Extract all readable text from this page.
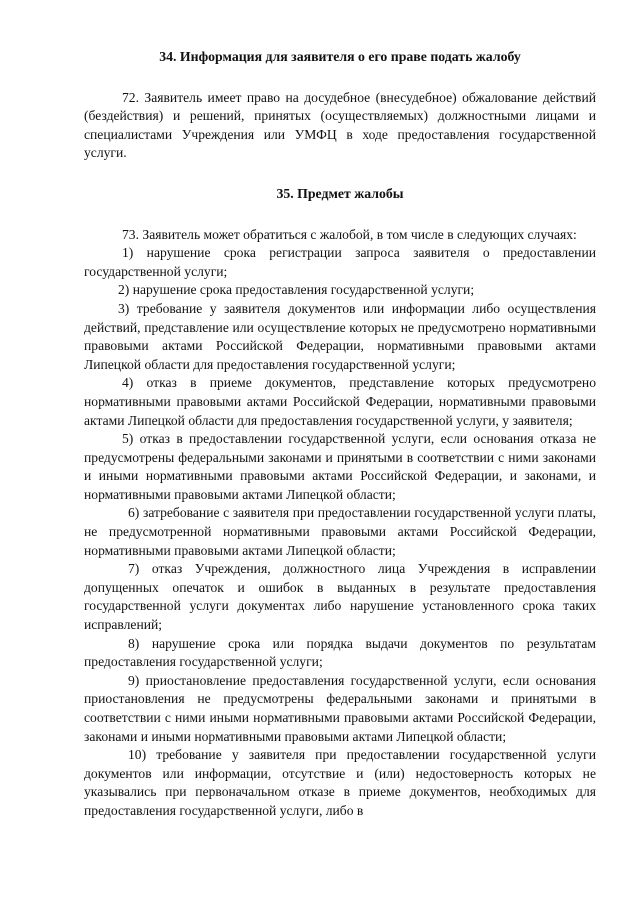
34. Информация для заявителя о его праве подать жалобу

72. Заявитель имеет право на досудебное (внесудебное) обжалование действий (бездействия) и решений, принятых (осуществляемых) должностными лицами и специалистами Учреждения или УМФЦ в ходе предоставления государственной услуги.

35. Предмет жалобы

73. Заявитель может обратиться с жалобой, в том числе в следующих случаях:

1) нарушение срока регистрации запроса заявителя о предоставлении государственной услуги;

2) нарушение срока предоставления государственной услуги;

3) требование у заявителя документов или информации либо осуществления действий, представление или осуществление которых не предусмотрено нормативными правовыми актами Российской Федерации, нормативными правовыми актами Липецкой области для предоставления государственной услуги;

4) отказ в приеме документов, представление которых предусмотрено нормативными правовыми актами Российской Федерации, нормативными правовыми актами Липецкой области для предоставления государственной услуги, у заявителя;

5) отказ в предоставлении государственной услуги, если основания отказа не предусмотрены федеральными законами и принятыми в соответствии с ними законами и иными нормативными правовыми актами Российской Федерации, и законами, и нормативными правовыми актами Липецкой области;

6) затребование с заявителя при предоставлении государственной услуги платы, не предусмотренной нормативными правовыми актами Российской Федерации, нормативными правовыми актами Липецкой области;

7) отказ Учреждения, должностного лица Учреждения в исправлении допущенных опечаток и ошибок в выданных в результате предоставления государственной услуги документах либо нарушение установленного срока таких исправлений;

8) нарушение срока или порядка выдачи документов по результатам предоставления государственной услуги;

9) приостановление предоставления государственной услуги, если основания приостановления не предусмотрены федеральными законами и принятыми в соответствии с ними иными нормативными правовыми актами Российской Федерации, законами и иными нормативными правовыми актами Липецкой области;

10) требование у заявителя при предоставлении государственной услуги документов или информации, отсутствие и (или) недостоверность которых не указывались при первоначальном отказе в приеме документов, необходимых для предоставления государственной услуги, либо в
